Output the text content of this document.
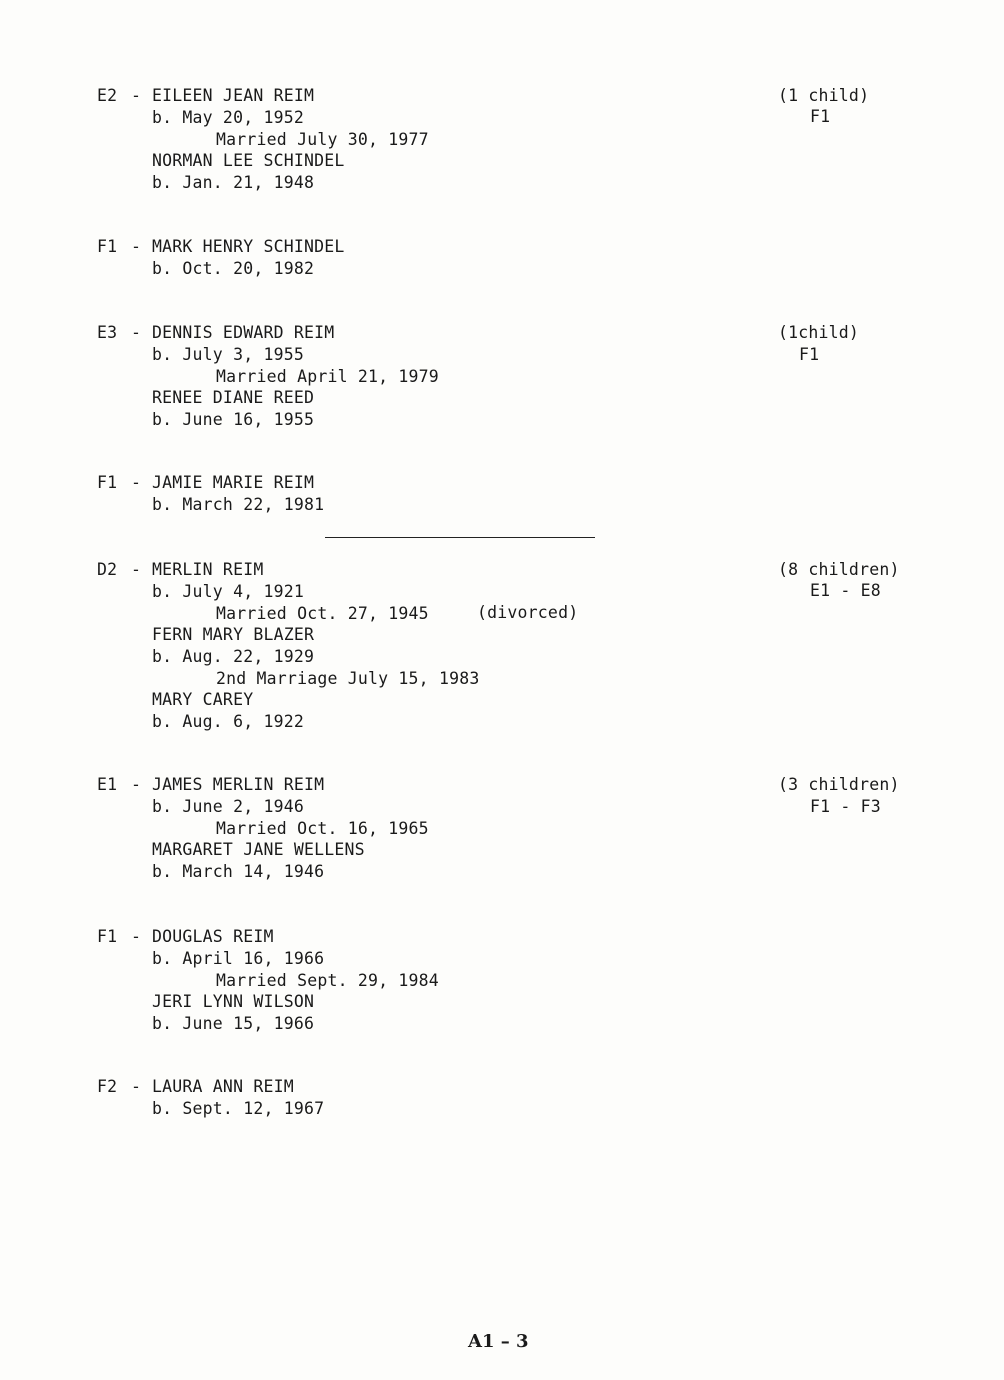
E2 - EILEEN JEAN REIM
b. May 20, 1952
Married July 30, 1977
NORMAN LEE SCHINDEL
b. Jan. 21, 1948
(1 child)
F1
F1 - MARK HENRY SCHINDEL
b. Oct. 20, 1982
E3 - DENNIS EDWARD REIM
b. July 3, 1955
Married April 21, 1979
RENEE DIANE REED
b. June 16, 1955
(1child)
F1
F1 - JAMIE MARIE REIM
b. March 22, 1981
D2 - MERLIN REIM
b. July 4, 1921
Married Oct. 27, 1945	(divorced)
FERN MARY BLAZER
b. Aug. 22, 1929
2nd Marriage July 15, 1983
MARY CAREY
b. Aug. 6, 1922
(8 children)
E1 - E8
E1 - JAMES MERLIN REIM
b. June 2, 1946
Married Oct. 16, 1965
MARGARET JANE WELLENS
b. March 14, 1946
(3 children)
F1 - F3
F1 - DOUGLAS REIM
b. April 16, 1966
Married Sept. 29, 1984
JERI LYNN WILSON
b. June 15, 1966
F2 - LAURA ANN REIM
b. Sept. 12, 1967
A1 – 3
